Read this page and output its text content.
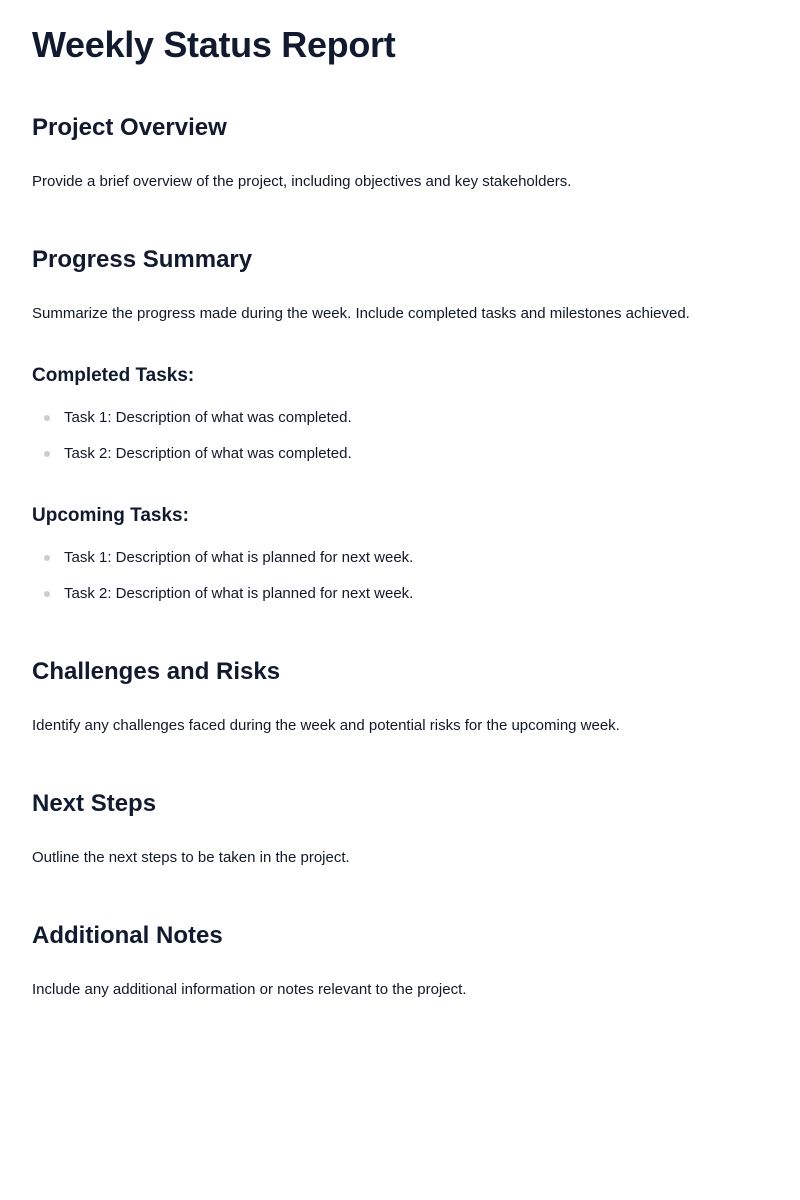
Weekly Status Report
Project Overview

Provide a brief overview of the project, including objectives and key stakeholders.

Progress Summary

Summarize the progress made during the week. Include completed tasks and milestones achieved.

Completed Tasks:
Task 1: Description of what was completed.
Task 2: Description of what was completed.
Upcoming Tasks:
Task 1: Description of what is planned for next week.
Task 2: Description of what is planned for next week.
Challenges and Risks

Identify any challenges faced during the week and potential risks for the upcoming week.

Next Steps

Outline the next steps to be taken in the project.

Additional Notes

Include any additional information or notes relevant to the project.
